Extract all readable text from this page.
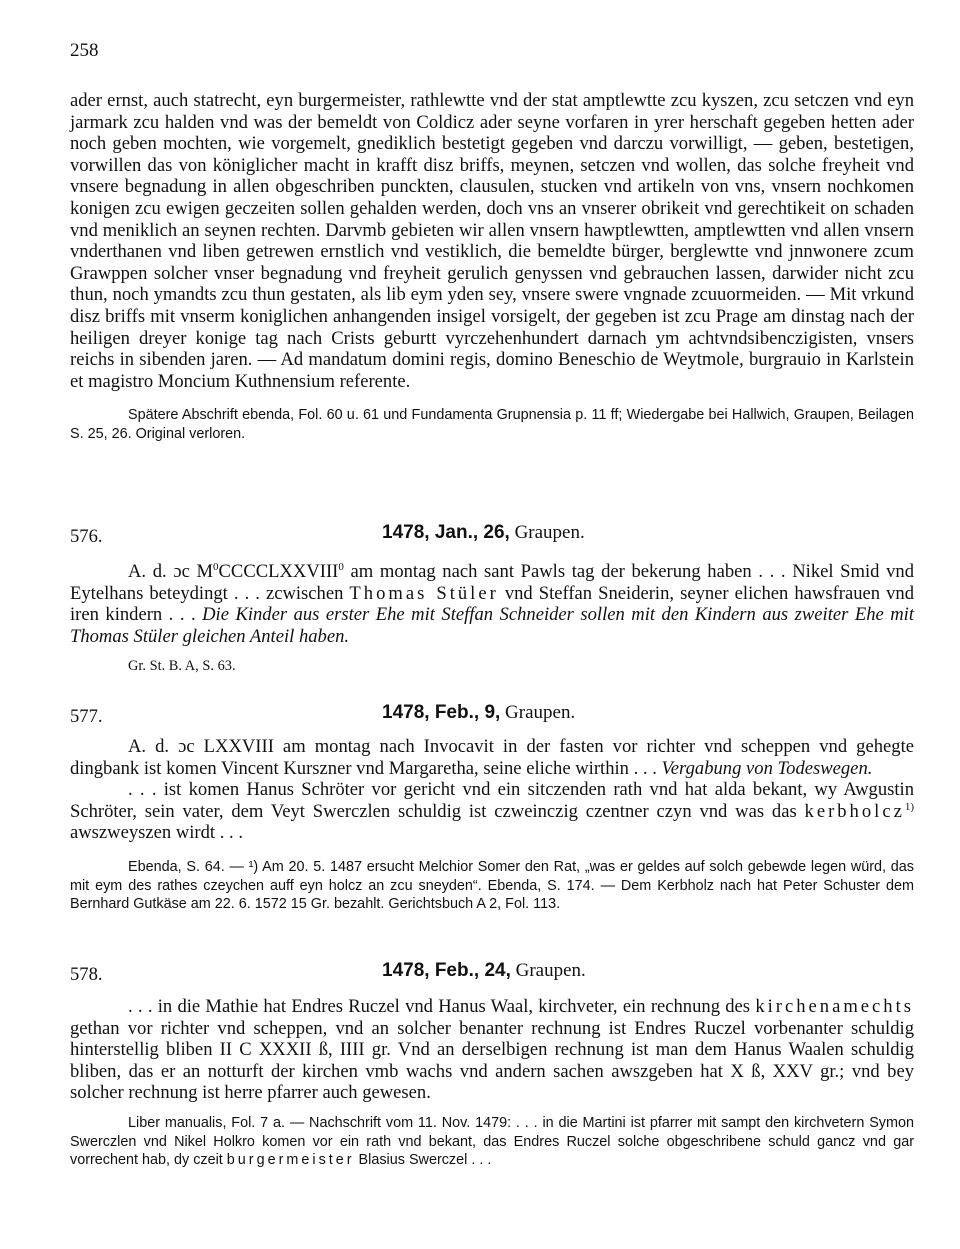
258

ader ernst, auch statrecht, eyn burgermeister, rathlewtte vnd der stat amptlewtte zcu kyszen, zcu setczen vnd eyn jarmark zcu halden vnd was der bemeldt von Coldicz ader seyne vorfaren in yrer herschaft gegeben hetten ader noch geben mochten, wie vorgemelt, gnediklich bestetigt gegeben vnd darczu vorwilligt, — geben, bestetigen, vorwillen das von königlicher macht in krafft disz briffs, meynen, setczen vnd wollen, das solche freyheit vnd vnsere begnadung in allen obgeschriben punckten, clausulen, stucken vnd artikeln von vns, vnsern nochkomen konigen zcu ewigen geczeiten sollen gehalden werden, doch vns an vnserer obrikeit vnd gerechtikeit on schaden vnd meniklich an seynen rechten. Darvmb gebieten wir allen vnsern hawptlewtten, amptlewtten vnd allen vnsern vnderthanen vnd liben getrewen ernstlich vnd vestiklich, die bemeldte bürger, berglewtte vnd jnnwonere zcum Grawppen solcher vnser begnadung vnd freyheit gerulich genyssen vnd gebrauchen lassen, darwider nicht zcu thun, noch ymandts zcu thun gestaten, als lib eym yden sey, vnsere swere vngnade zcuuormeiden. — Mit vrkund disz briffs mit vnserm koniglichen anhangenden insigel vorsigelt, der gegeben ist zcu Prage am dinstag nach der heiligen dreyer konige tag nach Crists geburtt vyrczehenhundert darnach ym achtvndsibenczigisten, vnsers reichs in sibenden jaren. — Ad mandatum domini regis, domino Beneschio de Weytmole, burgrauio in Karlstein et magistro Moncium Kuthnensium referente.

Spätere Abschrift ebenda, Fol. 60 u. 61 und Fundamenta Grupnensia p. 11 ff; Wiedergabe bei Hallwich, Graupen, Beilagen S. 25, 26. Original verloren.

576.	1478, Jan., 26, Graupen.

A. d. ɔc $M^0CCCCLXXVIII^0$ am montag nach sant Pawls tag der bekerung haben . . . Nikel Smid vnd Eytelhans beteydingt . . . zcwischen Thomas Stüler vnd Steffan Sneiderin, seyner elichen hawsfrauen vnd iren kindern . . . Die Kinder aus erster Ehe mit Steffan Schneider sollen mit den Kindern aus zweiter Ehe mit Thomas Stüler gleichen Anteil haben.

Gr. St. B. A, S. 63.

577.	1478, Feb., 9, Graupen.

A. d. ɔc LXXVIII am montag nach Invocavit in der fasten vor richter vnd scheppen vnd gehegte dingbank ist komen Vincent Kurszner vnd Margaretha, seine eliche wirthin . . . Vergabung von Todeswegen.

. . . ist komen Hanus Schröter vor gericht vnd ein sitczenden rath vnd hat alda bekant, wy Awgustin Schröter, sein vater, dem Veyt Swerczlen schuldig ist czweinczig czentner czyn vnd was das kerbholcz$^{1)}$ awszweyszen wirdt . . .

Ebenda, S. 64. — ¹) Am 20. 5. 1487 ersucht Melchior Somer den Rat, „was er geldes auf solch gebewde legen würd, das mit eym des rathes czeychen auff eyn holcz an zcu sneyden“. Ebenda, S. 174. — Dem Kerbholz nach hat Peter Schuster dem Bernhard Gutkäse am 22. 6. 1572 15 Gr. bezahlt. Gerichtsbuch A 2, Fol. 113.

578.	1478, Feb., 24, Graupen.

. . . in die Mathie hat Endres Ruczel vnd Hanus Waal, kirchveter, ein rechnung des kirchenamechts gethan vor richter vnd scheppen, vnd an solcher benanter rechnung ist Endres Ruczel vorbenanter schuldig hinterstellig bliben II C XXXII ß, IIII gr. Vnd an derselbigen rechnung ist man dem Hanus Waalen schuldig bliben, das er an notturft der kirchen vmb wachs vnd andern sachen awszgeben hat X ß, XXV gr.; vnd bey solcher rechnung ist herre pfarrer auch gewesen.

Liber manualis, Fol. 7 a. — Nachschrift vom 11. Nov. 1479: . . . in die Martini ist pfarrer mit sampt den kirchvetern Symon Swerczlen vnd Nikel Holkro komen vor ein rath vnd bekant, das Endres Ruczel solche obgeschribene schuld gancz vnd gar vorrechent hab, dy czeit burgermeister Blasius Swerczel . . .
